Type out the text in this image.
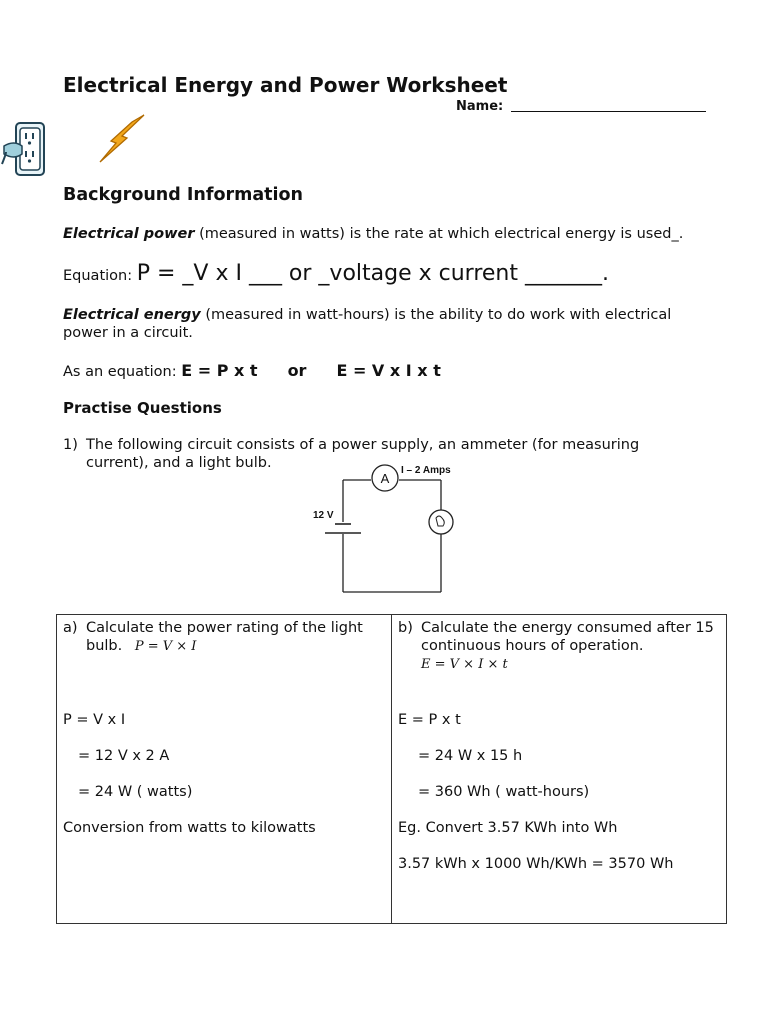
Electrical Energy and Power Worksheet
Name:
Background Information
Electrical power (measured in watts) is the rate at which electrical energy is used_.
Equation: P = _V x I ___ or _voltage x current _______.
Electrical energy (measured in watt-hours) is the ability to do work with electrical power in a circuit.
As an equation: E = P x t or E = V x I x t
Practise Questions
1) The following circuit consists of a power supply, an ammeter (for measuring current), and a light bulb.
12 V
A
I – 2 Amps
a) Calculate the power rating of the light bulb. P = V × I
P = V x I
= 12 V x 2 A
= 24 W ( watts)
Conversion from watts to kilowatts

b) Calculate the energy consumed after 15 continuous hours of operation.
E = V × I × t
E = P x t
= 24 W x 15 h
= 360 Wh ( watt-hours)
Eg. Convert 3.57 KWh into Wh
3.57 kWh x 1000 Wh/KWh = 3570 Wh
